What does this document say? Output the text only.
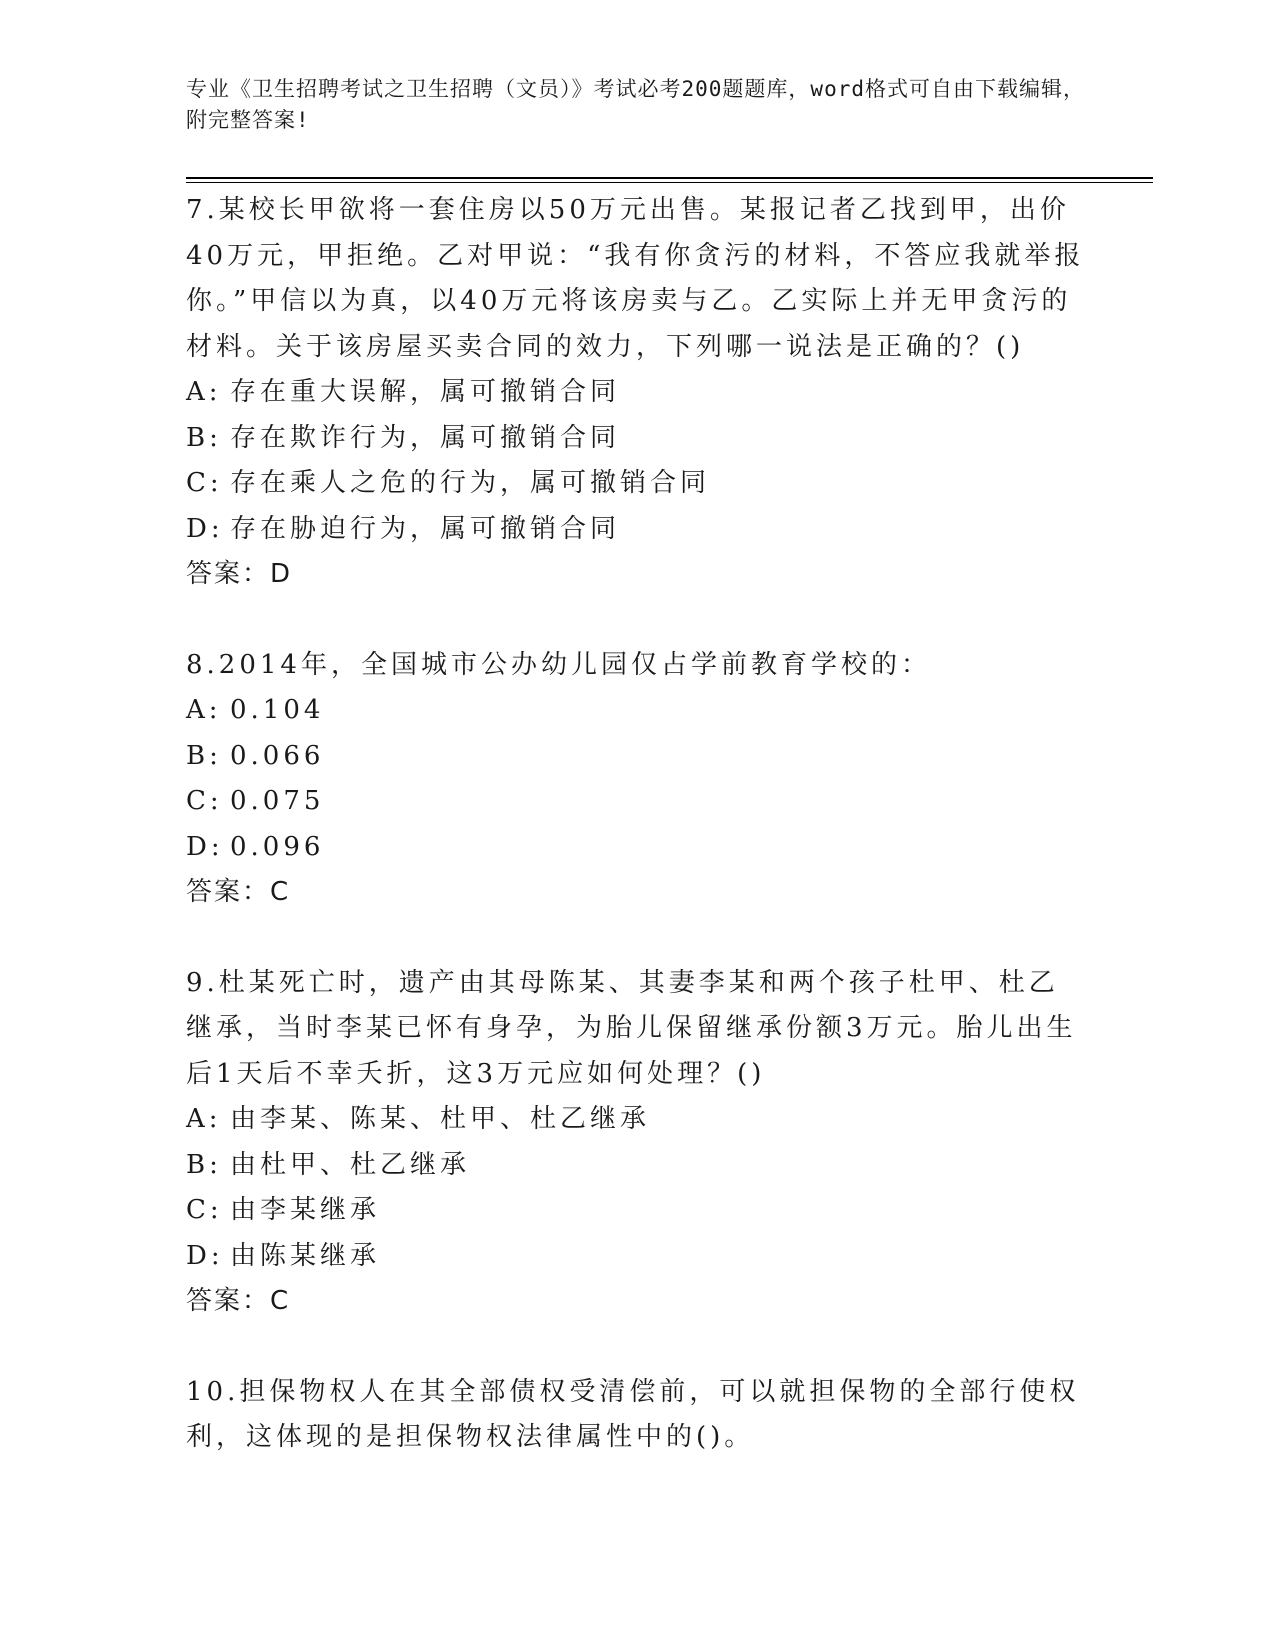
专业《卫生招聘考试之卫生招聘（文员）》考试必考200题题库，word格式可自由下载编辑，附完整答案!

7.某校长甲欲将一套住房以50万元出售。某报记者乙找到甲，出价40万元，甲拒绝。乙对甲说：“我有你贪污的材料，不答应我就举报你。”甲信以为真，以40万元将该房卖与乙。乙实际上并无甲贪污的材料。关于该房屋买卖合同的效力，下列哪一说法是正确的？()

A: 存在重大误解，属可撤销合同

B: 存在欺诈行为，属可撤销合同

C: 存在乘人之危的行为，属可撤销合同

D: 存在胁迫行为，属可撤销合同

答案：D

8.2014年，全国城市公办幼儿园仅占学前教育学校的：

A: 0.104

B: 0.066

C: 0.075

D: 0.096

答案：C

9.杜某死亡时，遗产由其母陈某、其妻李某和两个孩子杜甲、杜乙继承，当时李某已怀有身孕，为胎儿保留继承份额3万元。胎儿出生后1天后不幸夭折，这3万元应如何处理？()

A: 由李某、陈某、杜甲、杜乙继承

B: 由杜甲、杜乙继承

C: 由李某继承

D: 由陈某继承

答案：C

10.担保物权人在其全部债权受清偿前，可以就担保物的全部行使权利，这体现的是担保物权法律属性中的()。
